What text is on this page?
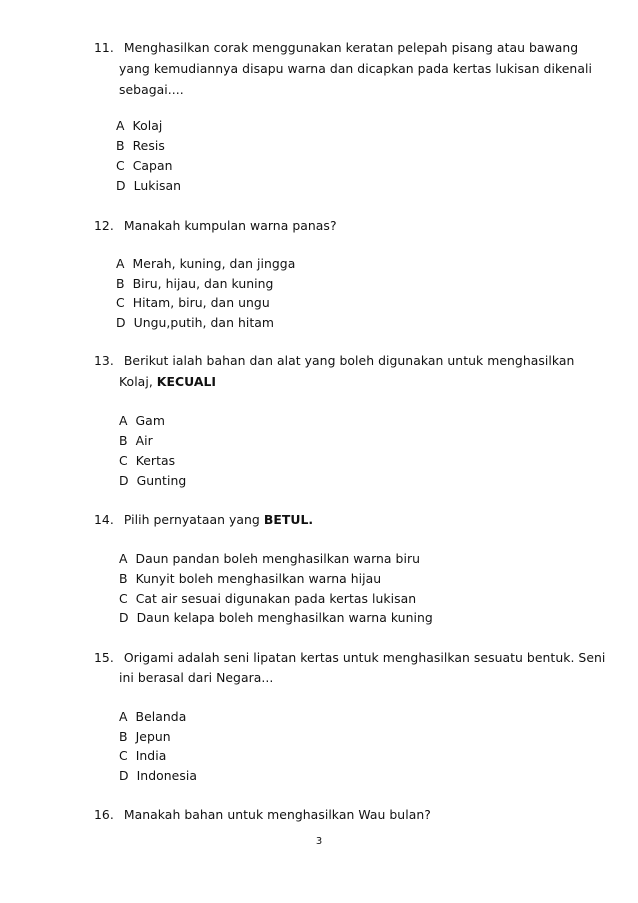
11. Menghasilkan corak menggunakan keratan pelepah pisang atau bawang
yang kemudiannya disapu warna dan dicapkan pada kertas lukisan dikenali
sebagai....
A Kolaj
B Resis
C Capan
D Lukisan
12. Manakah kumpulan warna panas?
A Merah, kuning, dan jingga
B Biru, hijau, dan kuning
C Hitam, biru, dan ungu
D Ungu,putih, dan hitam
13. Berikut ialah bahan dan alat yang boleh digunakan untuk menghasilkan
Kolaj, KECUALI
A Gam
B Air
C Kertas
D Gunting
14. Pilih pernyataan yang BETUL.
A Daun pandan boleh menghasilkan warna biru
B Kunyit boleh menghasilkan warna hijau
C Cat air sesuai digunakan pada kertas lukisan
D Daun kelapa boleh menghasilkan warna kuning
15. Origami adalah seni lipatan kertas untuk menghasilkan sesuatu bentuk. Seni
ini berasal dari Negara...
A Belanda
B Jepun
C India
D Indonesia
16. Manakah bahan untuk menghasilkan Wau bulan?
3
